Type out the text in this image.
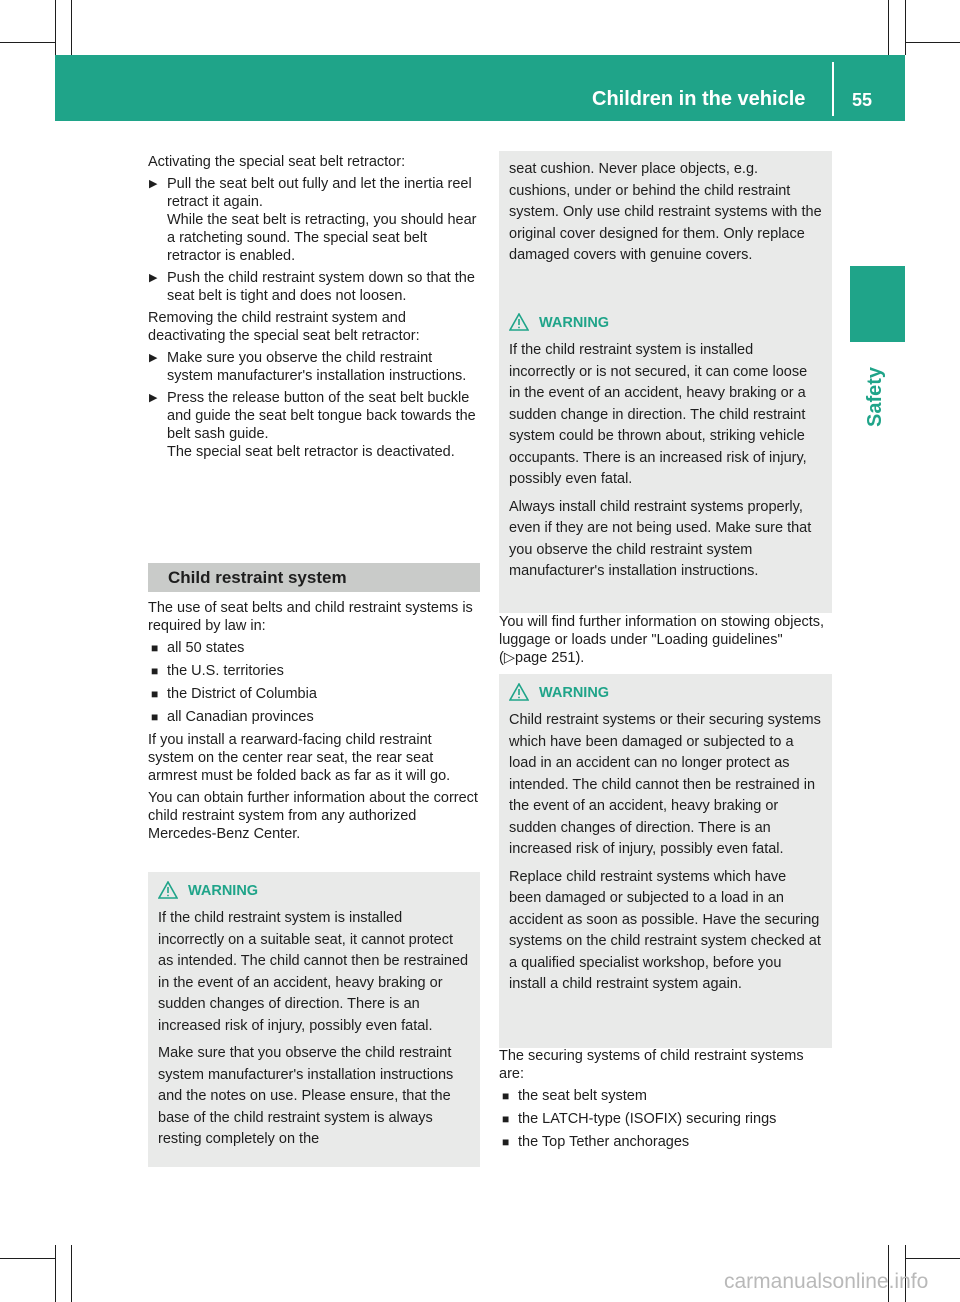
Children in the vehicle	55
Safety

Activating the special seat belt retractor:

▶ Pull the seat belt out fully and let the inertia reel retract it again.
While the seat belt is retracting, you should hear a ratcheting sound. The special seat belt retractor is enabled.
▶ Push the child restraint system down so that the seat belt is tight and does not loosen.

Removing the child restraint system and deactivating the special seat belt retractor:

▶ Make sure you observe the child restraint system manufacturer's installation instructions.
▶ Press the release button of the seat belt buckle and guide the seat belt tongue back towards the belt sash guide.
The special seat belt retractor is deactivated.
Child restraint system

The use of seat belts and child restraint systems is required by law in:

■ all 50 states
■ the U.S. territories
■ the District of Columbia
■ all Canadian provinces

If you install a rearward-facing child restraint system on the center rear seat, the rear seat armrest must be folded back as far as it will go.

You can obtain further information about the correct child restraint system from any authorized Mercedes-Benz Center.

WARNING

If the child restraint system is installed incorrectly on a suitable seat, it cannot protect as intended. The child cannot then be restrained in the event of an accident, heavy braking or sudden changes of direction. There is an increased risk of injury, possibly even fatal.

Make sure that you observe the child restraint system manufacturer's installation instructions and the notes on use. Please ensure, that the base of the child restraint system is always resting completely on the

seat cushion. Never place objects, e.g. cushions, under or behind the child restraint system. Only use child restraint systems with the original cover designed for them. Only replace damaged covers with genuine covers.

WARNING

If the child restraint system is installed incorrectly or is not secured, it can come loose in the event of an accident, heavy braking or a sudden change in direction. The child restraint system could be thrown about, striking vehicle occupants. There is an increased risk of injury, possibly even fatal.

Always install child restraint systems properly, even if they are not being used. Make sure that you observe the child restraint system manufacturer's installation instructions.

You will find further information on stowing objects, luggage or loads under "Loading guidelines" (▷page 251).

WARNING

Child restraint systems or their securing systems which have been damaged or subjected to a load in an accident can no longer protect as intended. The child cannot then be restrained in the event of an accident, heavy braking or sudden changes of direction. There is an increased risk of injury, possibly even fatal.

Replace child restraint systems which have been damaged or subjected to a load in an accident as soon as possible. Have the securing systems on the child restraint system checked at a qualified specialist workshop, before you install a child restraint system again.

The securing systems of child restraint systems are:

■ the seat belt system
■ the LATCH-type (ISOFIX) securing rings
■ the Top Tether anchorages
carmanualsonline.info
